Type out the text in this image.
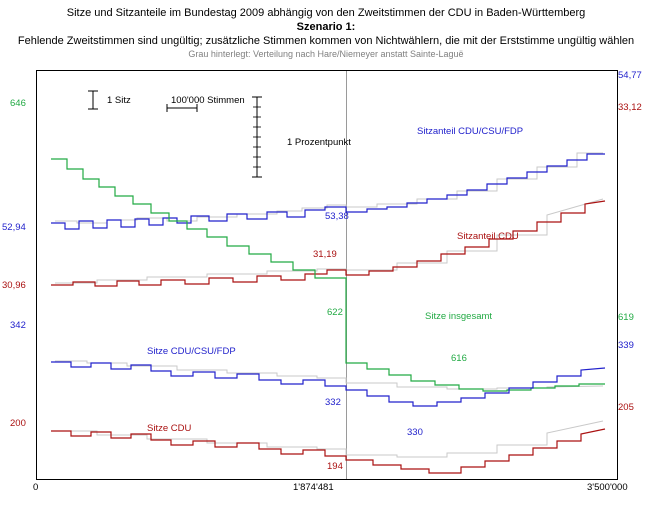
Sitze und Sitzanteile im Bundestag 2009 abhängig von den Zweitstimmen der CDU in Baden-Württemberg
Szenario 1:
Fehlende Zweitstimmen sind ungültig; zusätzliche Stimmen kommen von Nichtwählern, die mit der Erststimme ungültig wählen
Grau hinterlegt: Verteilung nach Hare/Niemeyer anstatt Sainte-Laguë
1 Sitz	100'000 Stimmen
1 Prozentpunkt
Sitzanteil CDU/CSU/FDP
Sitzanteil CDU
Sitze insgesamt
Sitze CDU/CSU/FDP
Sitze CDU
53,38
31,19
622
616
332
330
194
646
52,94
30,96
342
200
54,77
33,12
619
339
205
0	1'874'481	3'500'000
